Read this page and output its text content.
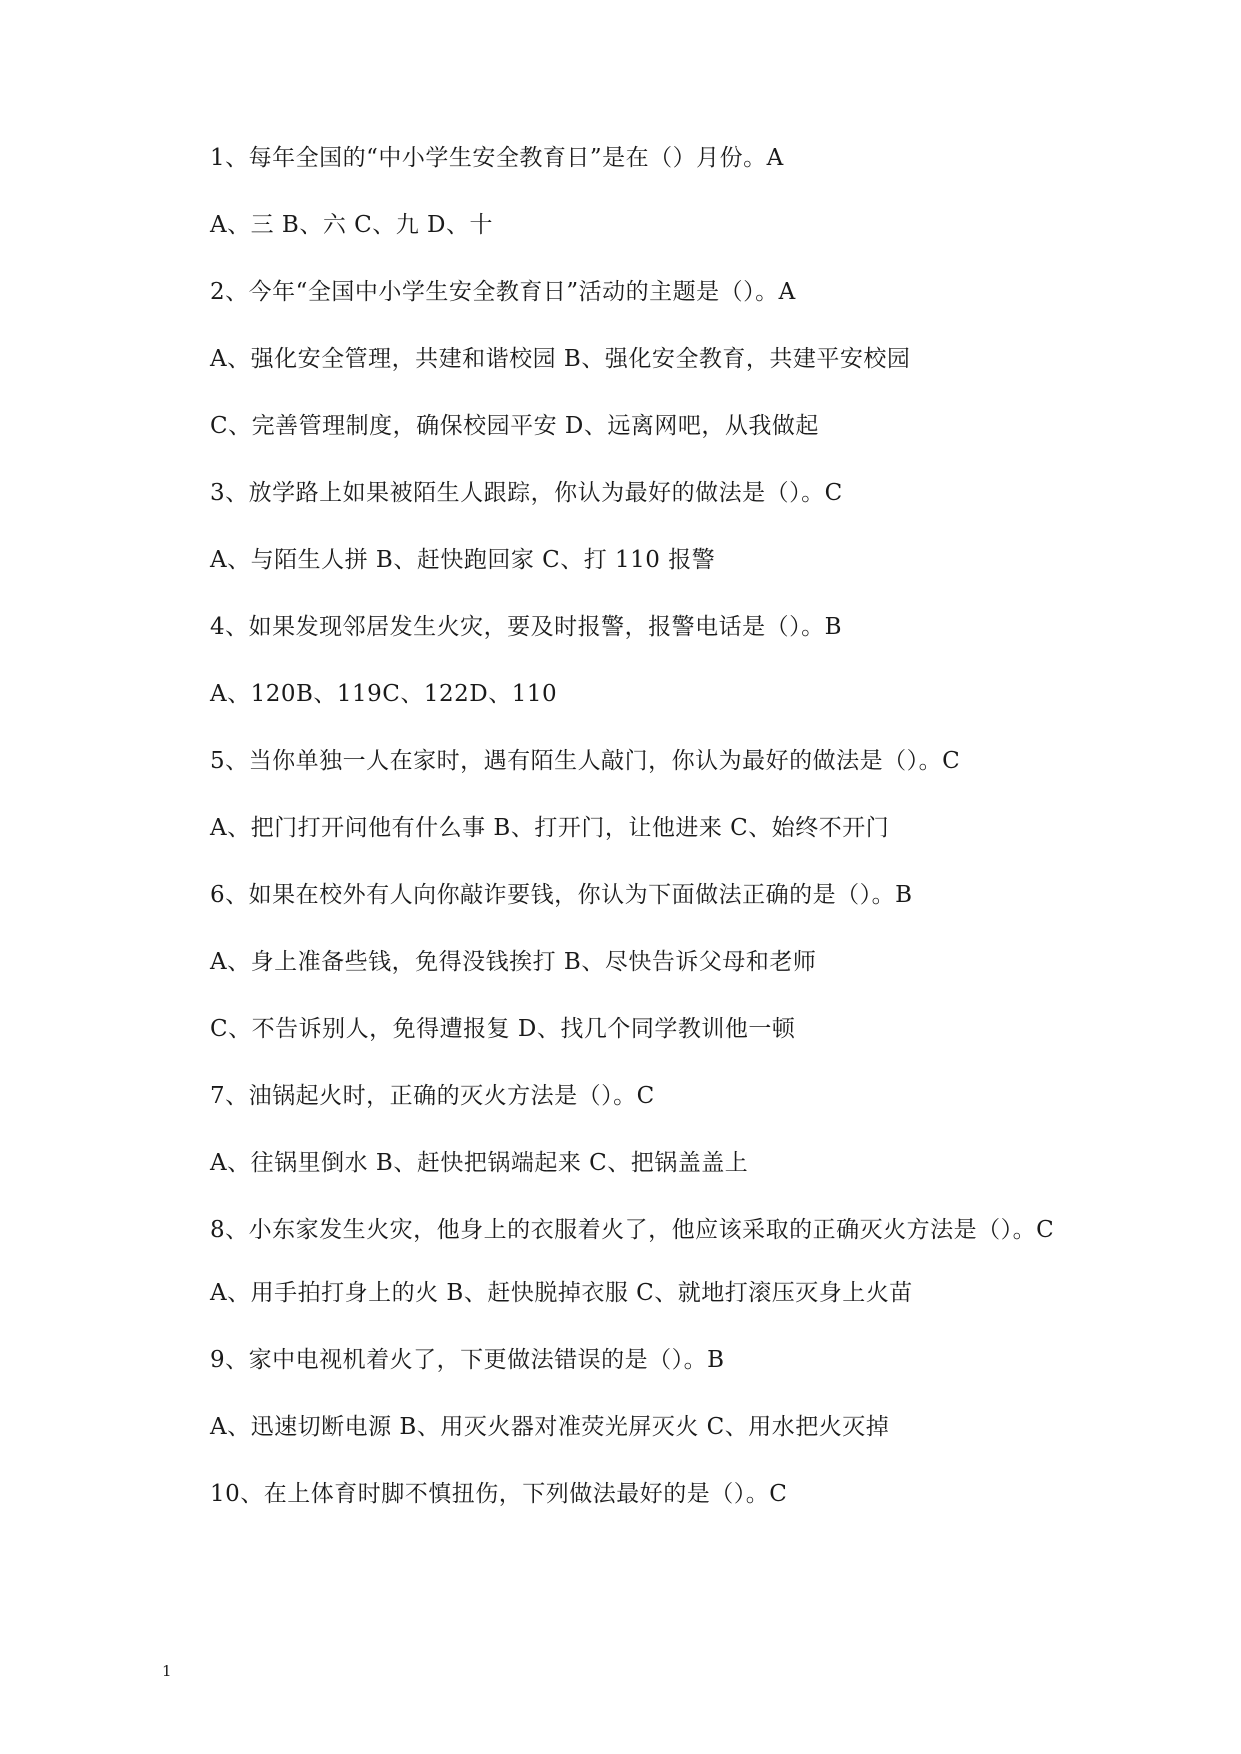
1、每年全国的“中小学生安全教育日”是在（）月份。A
A、三 B、六 C、九 D、十
2、今年“全国中小学生安全教育日”活动的主题是（）。A
A、强化安全管理，共建和谐校园 B、强化安全教育，共建平安校园
C、完善管理制度，确保校园平安 D、远离网吧，从我做起
3、放学路上如果被陌生人跟踪，你认为最好的做法是（）。C
A、与陌生人拼 B、赶快跑回家 C、打 110 报警
4、如果发现邻居发生火灾，要及时报警，报警电话是（）。B
A、120B、119C、122D、110
5、当你单独一人在家时，遇有陌生人敲门，你认为最好的做法是（）。C
A、把门打开问他有什么事 B、打开门，让他进来 C、始终不开门
6、如果在校外有人向你敲诈要钱，你认为下面做法正确的是（）。B
A、身上准备些钱，免得没钱挨打 B、尽快告诉父母和老师
C、不告诉别人，免得遭报复 D、找几个同学教训他一顿
7、油锅起火时，正确的灭火方法是（）。C
A、往锅里倒水 B、赶快把锅端起来 C、把锅盖盖上
8、小东家发生火灾，他身上的衣服着火了，他应该采取的正确灭火方法是（）。C
A、用手拍打身上的火 B、赶快脱掉衣服 C、就地打滚压灭身上火苗
9、家中电视机着火了，下更做法错误的是（）。B
A、迅速切断电源 B、用灭火器对准荧光屏灭火 C、用水把火灭掉
10、在上体育时脚不慎扭伤，下列做法最好的是（）。C
1
